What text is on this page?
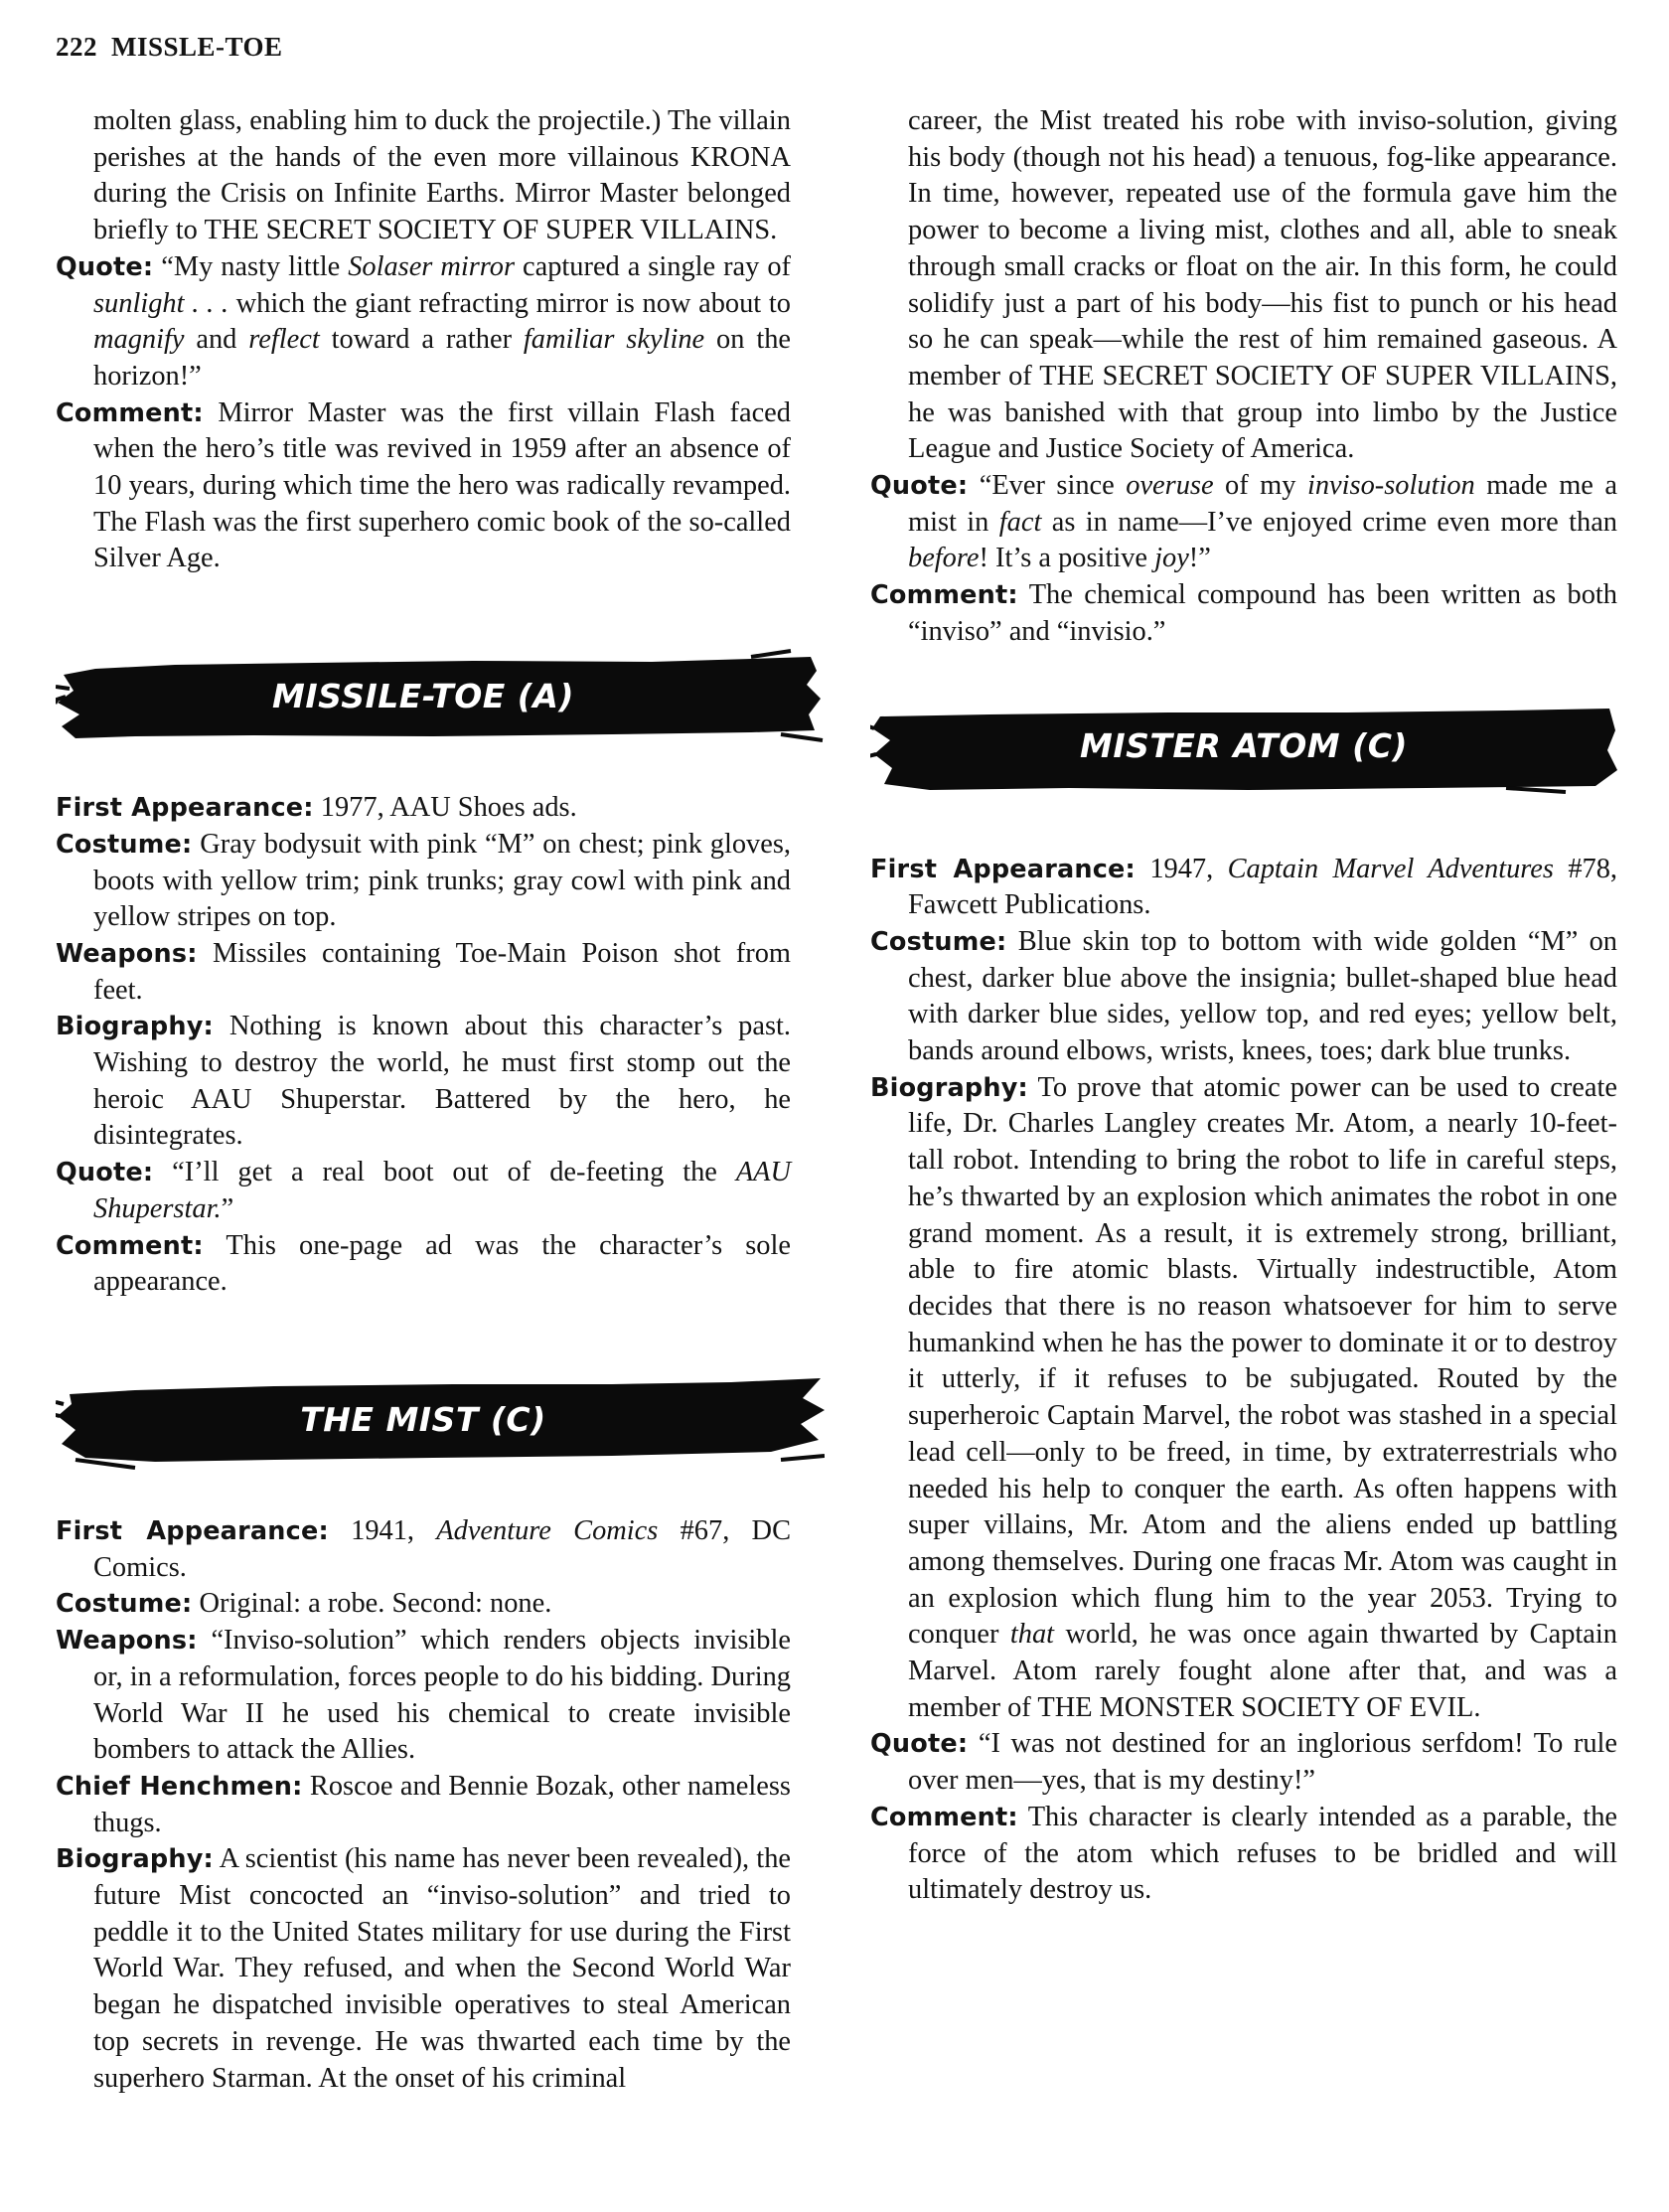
222 MISSLE-TOE

molten glass, enabling him to duck the projectile.) The villain perishes at the hands of the even more villainous KRONA during the Crisis on Infinite Earths. Mirror Master belonged briefly to THE SECRET SOCIETY OF SUPER VILLAINS.

Quote: “My nasty little Solaser mirror captured a single ray of sunlight . . . which the giant refracting mirror is now about to magnify and reflect toward a rather familiar skyline on the horizon!”

Comment: Mirror Master was the first villain Flash faced when the hero’s title was revived in 1959 after an absence of 10 years, during which time the hero was radically revamped. The Flash was the first superhero comic book of the so-called Silver Age.

MISSILE-TOE (A)

First Appearance: 1977, AAU Shoes ads.

Costume: Gray bodysuit with pink “M” on chest; pink gloves, boots with yellow trim; pink trunks; gray cowl with pink and yellow stripes on top.

Weapons: Missiles containing Toe-Main Poison shot from feet.

Biography: Nothing is known about this character’s past. Wishing to destroy the world, he must first stomp out the heroic AAU Shuperstar. Battered by the hero, he disintegrates.

Quote: “I’ll get a real boot out of de-feeting the AAU Shuperstar.”

Comment: This one-page ad was the character’s sole appearance.

THE MIST (C)

First Appearance: 1941, Adventure Comics #67, DC Comics.

Costume: Original: a robe. Second: none.

Weapons: “Inviso-solution” which renders objects invisible or, in a reformulation, forces people to do his bidding. During World War II he used his chemical to create invisible bombers to attack the Allies.

Chief Henchmen: Roscoe and Bennie Bozak, other nameless thugs.

Biography: A scientist (his name has never been revealed), the future Mist concocted an “inviso-solution” and tried to peddle it to the United States military for use during the First World War. They refused, and when the Second World War began he dispatched invisible operatives to steal American top secrets in revenge. He was thwarted each time by the superhero Starman. At the onset of his criminal

career, the Mist treated his robe with inviso-solution, giving his body (though not his head) a tenuous, fog-like appearance. In time, however, repeated use of the formula gave him the power to become a living mist, clothes and all, able to sneak through small cracks or float on the air. In this form, he could solidify just a part of his body—his fist to punch or his head so he can speak—while the rest of him remained gaseous. A member of THE SECRET SOCIETY OF SUPER VILLAINS, he was banished with that group into limbo by the Justice League and Justice Society of America.

Quote: “Ever since overuse of my inviso-solution made me a mist in fact as in name—I’ve enjoyed crime even more than before! It’s a positive joy!”

Comment: The chemical compound has been written as both “inviso” and “invisio.”

MISTER ATOM (C)

First Appearance: 1947, Captain Marvel Adventures #78, Fawcett Publications.

Costume: Blue skin top to bottom with wide golden “M” on chest, darker blue above the insignia; bullet-shaped blue head with darker blue sides, yellow top, and red eyes; yellow belt, bands around elbows, wrists, knees, toes; dark blue trunks.

Biography: To prove that atomic power can be used to create life, Dr. Charles Langley creates Mr. Atom, a nearly 10-feet-tall robot. Intending to bring the robot to life in careful steps, he’s thwarted by an explosion which animates the robot in one grand moment. As a result, it is extremely strong, brilliant, able to fire atomic blasts. Virtually indestructible, Atom decides that there is no reason whatsoever for him to serve humankind when he has the power to dominate it or to destroy it utterly, if it refuses to be subjugated. Routed by the superheroic Captain Marvel, the robot was stashed in a special lead cell—only to be freed, in time, by extraterrestrials who needed his help to conquer the earth. As often happens with super villains, Mr. Atom and the aliens ended up battling among themselves. During one fracas Mr. Atom was caught in an explosion which flung him to the year 2053. Trying to conquer that world, he was once again thwarted by Captain Marvel. Atom rarely fought alone after that, and was a member of THE MONSTER SOCIETY OF EVIL.

Quote: “I was not destined for an inglorious serfdom! To rule over men—yes, that is my destiny!”

Comment: This character is clearly intended as a parable, the force of the atom which refuses to be bridled and will ultimately destroy us.
